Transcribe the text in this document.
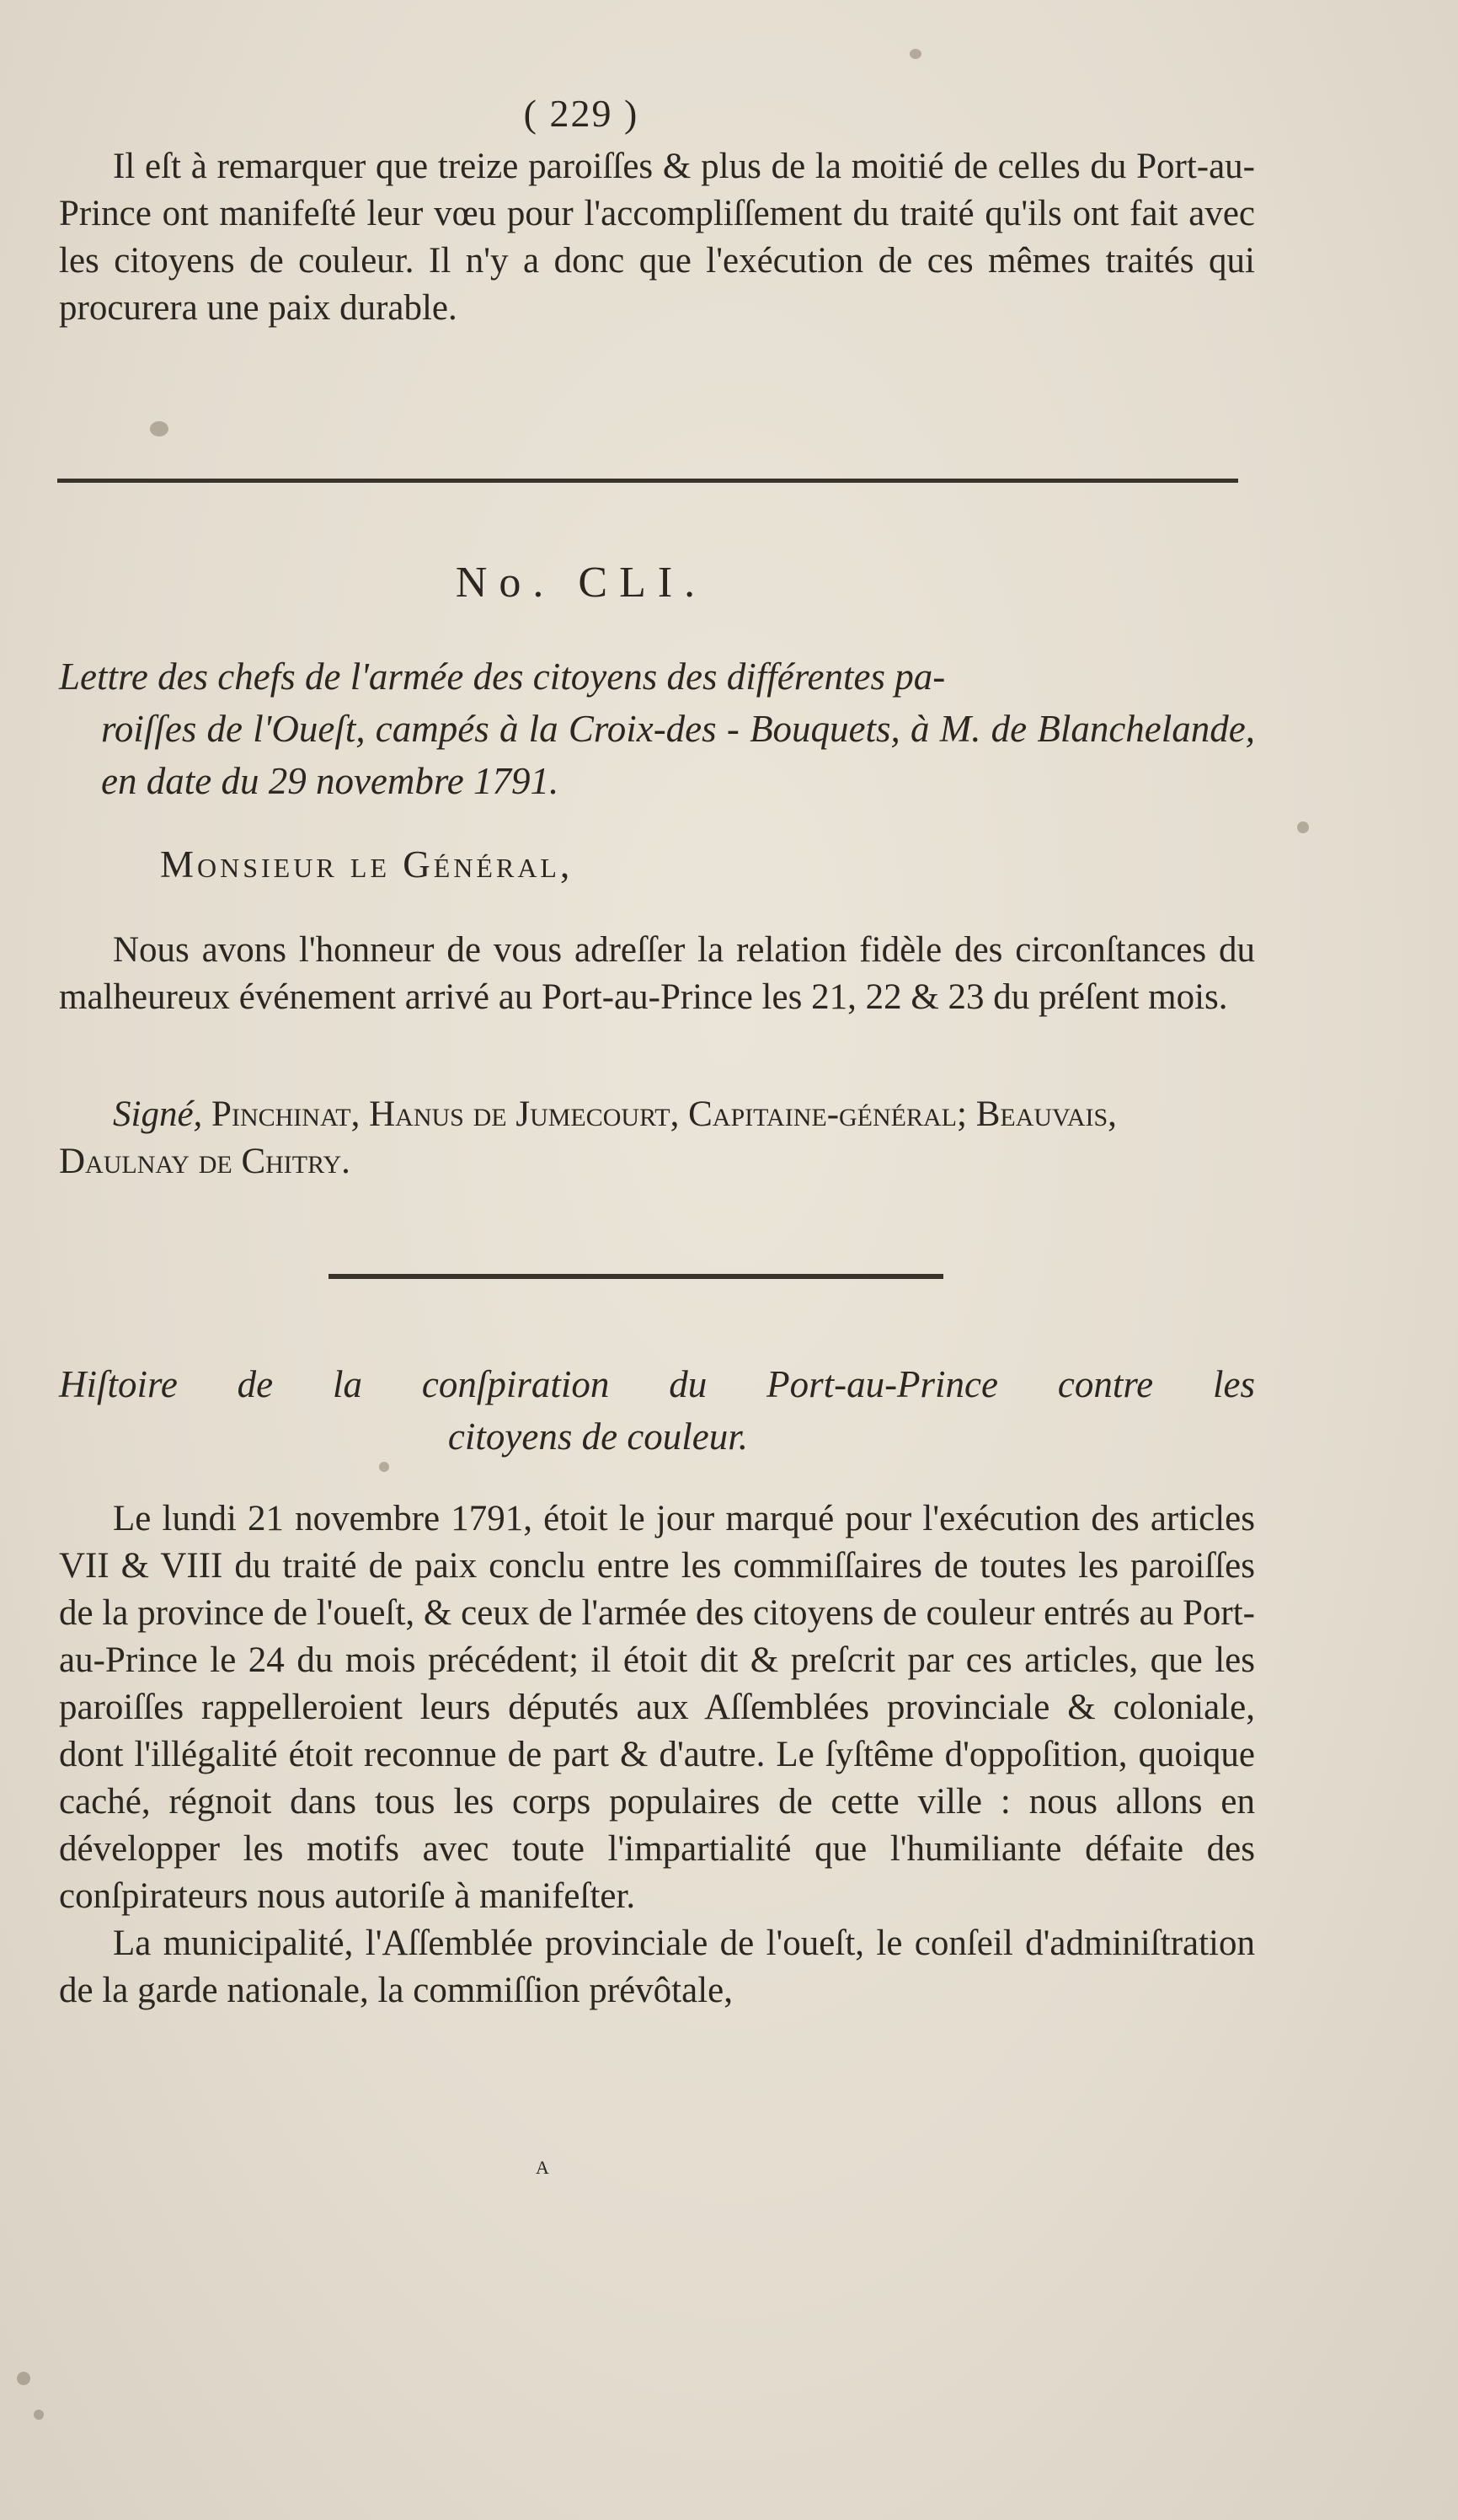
( 229 )

Il eſt à remarquer que treize paroiſſes & plus de la moitié de celles du Port-au-Prince ont manifeſté leur vœu pour l'accompliſſement du traité qu'ils ont fait avec les citoyens de couleur. Il n'y a donc que l'exécution de ces mêmes traités qui procurera une paix durable.

No. CLI.
Lettre des chefs de l'armée des citoyens des différentes pa-
roiſſes de l'Oueſt, campés à la Croix-des - Bouquets, à M. de Blanchelande, en date du 29 novembre 1791.
Monsieur le Général,

Nous avons l'honneur de vous adreſſer la relation fidèle des circonſtances du malheureux événement arrivé au Port-au-Prince les 21, 22 & 23 du préſent mois.

Signé, Pinchinat, Hanus de Jumecourt, Capitaine-général; Beauvais, Daulnay de Chitry.

Hiſtoire de la conſpiration du Port-au-Prince contre les
citoyens de couleur.

Le lundi 21 novembre 1791, étoit le jour marqué pour l'exécution des articles VII & VIII du traité de paix conclu entre les commiſſaires de toutes les paroiſſes de la province de l'oueſt, & ceux de l'armée des citoyens de couleur entrés au Port-au-Prince le 24 du mois précédent; il étoit dit & preſcrit par ces articles, que les paroiſſes rappelleroient leurs députés aux Aſſemblées provinciale & coloniale, dont l'illégalité étoit reconnue de part & d'autre. Le ſyſtême d'oppoſition, quoique caché, régnoit dans tous les corps populaires de cette ville : nous allons en développer les motifs avec toute l'impartialité que l'humiliante défaite des conſpirateurs nous autoriſe à manifeſter.

La municipalité, l'Aſſemblée provinciale de l'oueſt, le conſeil d'adminiſtration de la garde nationale, la commiſſion prévôtale,

A
